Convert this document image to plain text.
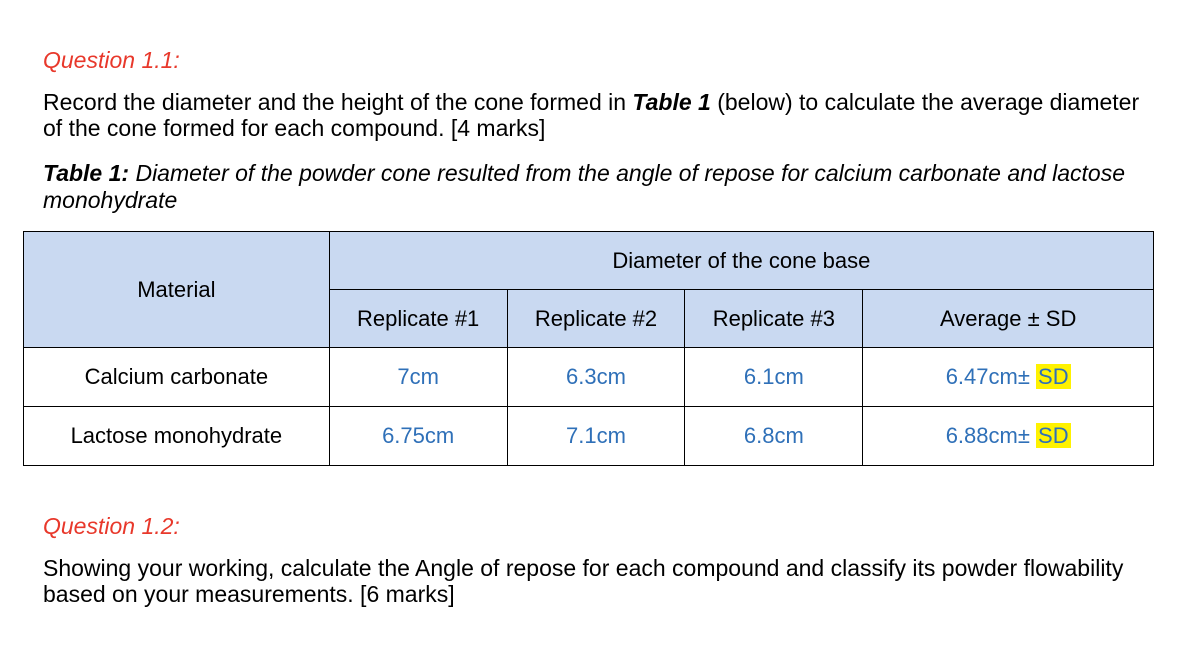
Question 1.1:
Record the diameter and the height of the cone formed in Table 1 (below) to calculate the average diameter of the cone formed for each compound. [4 marks]
Table 1: Diameter of the powder cone resulted from the angle of repose for calcium carbonate and lactose monohydrate
Material	Diameter of the cone base			
	Replicate #1	Replicate #2	Replicate #3	Average ± SD
Calcium carbonate	7cm	6.3cm	6.1cm	6.47cm± SD
Lactose monohydrate	6.75cm	7.1cm	6.8cm	6.88cm± SD
Question 1.2:
Showing your working, calculate the Angle of repose for each compound and classify its powder flowability based on your measurements. [6 marks]
